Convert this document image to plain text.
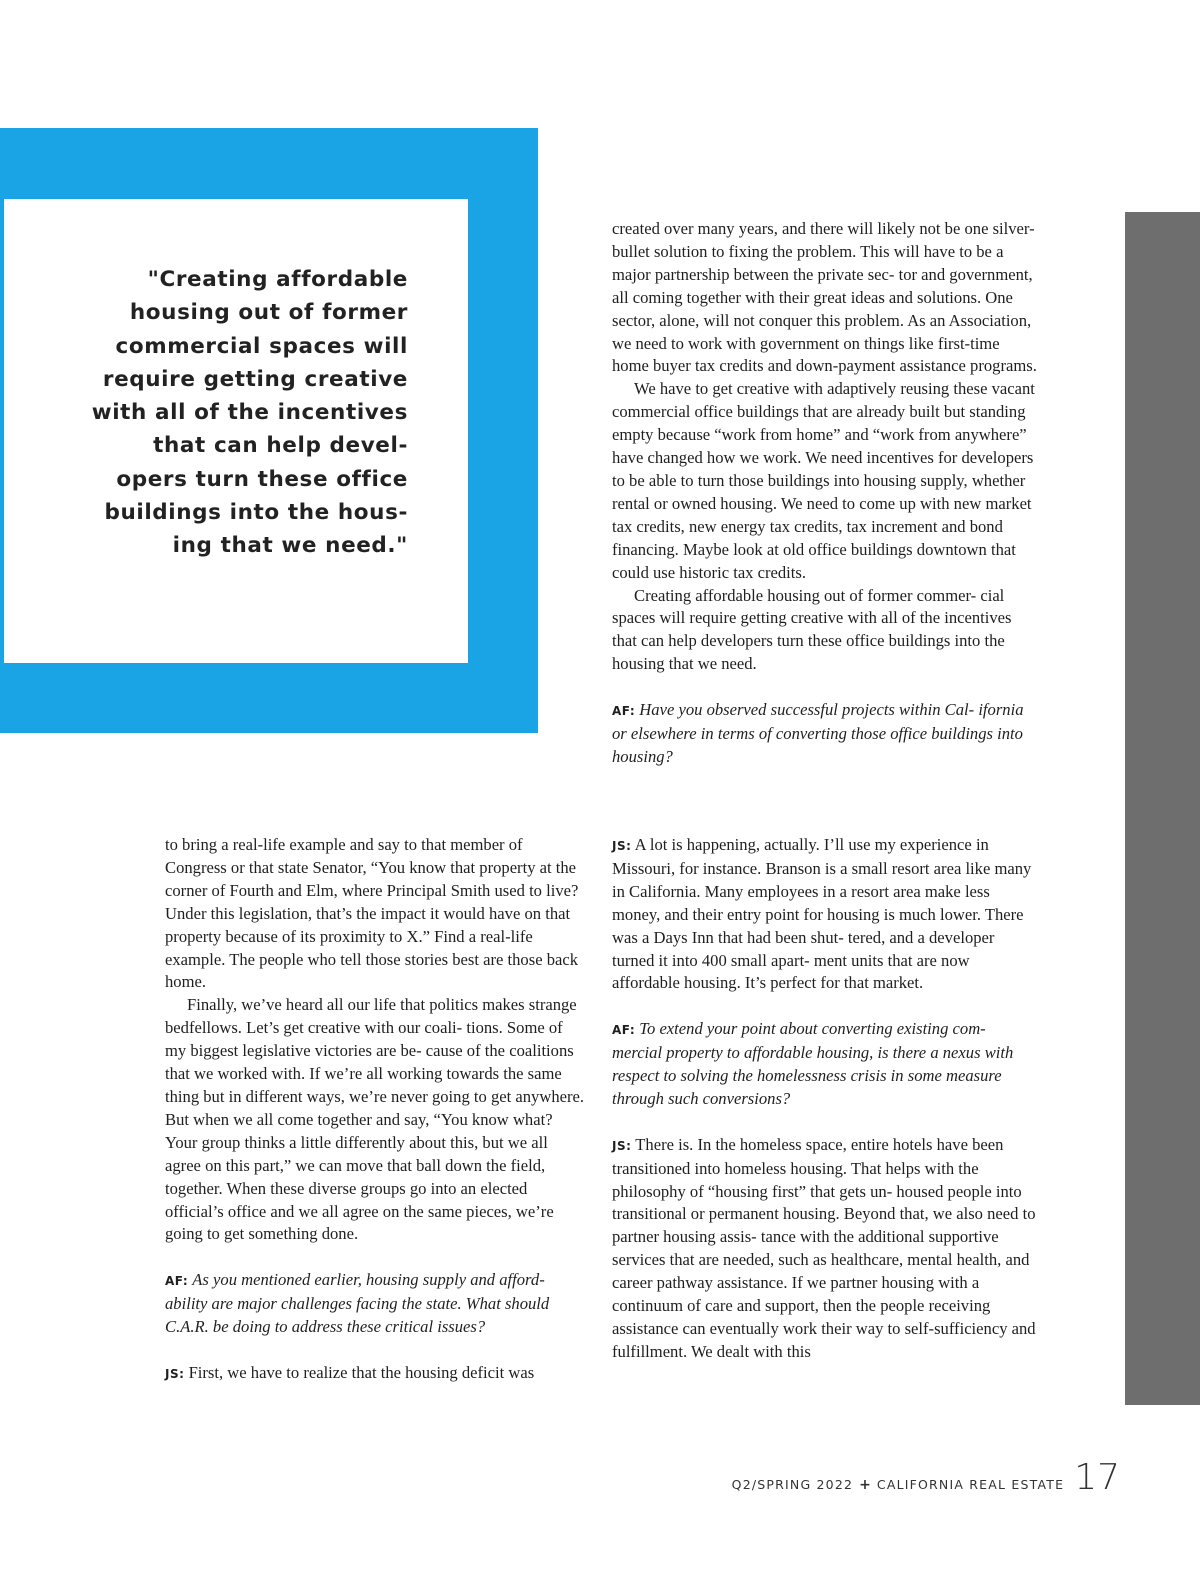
"Creating affordable housing out of former commercial spaces will require getting creative with all of the incentives that can help devel- opers turn these office buildings into the hous- ing that we need."

to bring a real-life example and say to that member of Congress or that state Senator, “You know that property at the corner of Fourth and Elm, where Principal Smith used to live? Under this legislation, that’s the impact it would have on that property because of its proximity to X.” Find a real-life example. The people who tell those stories best are those back home.

Finally, we’ve heard all our life that politics makes strange bedfellows. Let’s get creative with our coali- tions. Some of my biggest legislative victories are be- cause of the coalitions that we worked with. If we’re all working towards the same thing but in different ways, we’re never going to get anywhere. But when we all come together and say, “You know what? Your group thinks a little differently about this, but we all agree on this part,” we can move that ball down the field, together. When these diverse groups go into an elected official’s office and we all agree on the same pieces, we’re going to get something done.

AF: As you mentioned earlier, housing supply and afford- ability are major challenges facing the state. What should C.A.R. be doing to address these critical issues?

JS: First, we have to realize that the housing deficit was

created over many years, and there will likely not be one silver-bullet solution to fixing the problem. This will have to be a major partnership between the private sec- tor and government, all coming together with their great ideas and solutions. One sector, alone, will not conquer this problem. As an Association, we need to work with government on things like first-time home buyer tax credits and down-payment assistance programs.

We have to get creative with adaptively reusing these vacant commercial office buildings that are already built but standing empty because “work from home” and “work from anywhere” have changed how we work. We need incentives for developers to be able to turn those buildings into housing supply, whether rental or owned housing. We need to come up with new market tax credits, new energy tax credits, tax increment and bond financing. Maybe look at old office buildings downtown that could use historic tax credits.

Creating affordable housing out of former commer- cial spaces will require getting creative with all of the incentives that can help developers turn these office buildings into the housing that we need.

AF: Have you observed successful projects within Cal- ifornia or elsewhere in terms of converting those office buildings into housing?

JS: A lot is happening, actually. I’ll use my experience in Missouri, for instance. Branson is a small resort area like many in California. Many employees in a resort area make less money, and their entry point for housing is much lower. There was a Days Inn that had been shut- tered, and a developer turned it into 400 small apart- ment units that are now affordable housing. It’s perfect for that market.

AF: To extend your point about converting existing com- mercial property to affordable housing, is there a nexus with respect to solving the homelessness crisis in some measure through such conversions?

JS: There is. In the homeless space, entire hotels have been transitioned into homeless housing. That helps with the philosophy of “housing first” that gets un- housed people into transitional or permanent housing. Beyond that, we also need to partner housing assis- tance with the additional supportive services that are needed, such as healthcare, mental health, and career pathway assistance. If we partner housing with a continuum of care and support, then the people receiving assistance can eventually work their way to self-sufficiency and fulfillment. We dealt with this

Q2/SPRING 2022 + CALIFORNIA REAL ESTATE 17
